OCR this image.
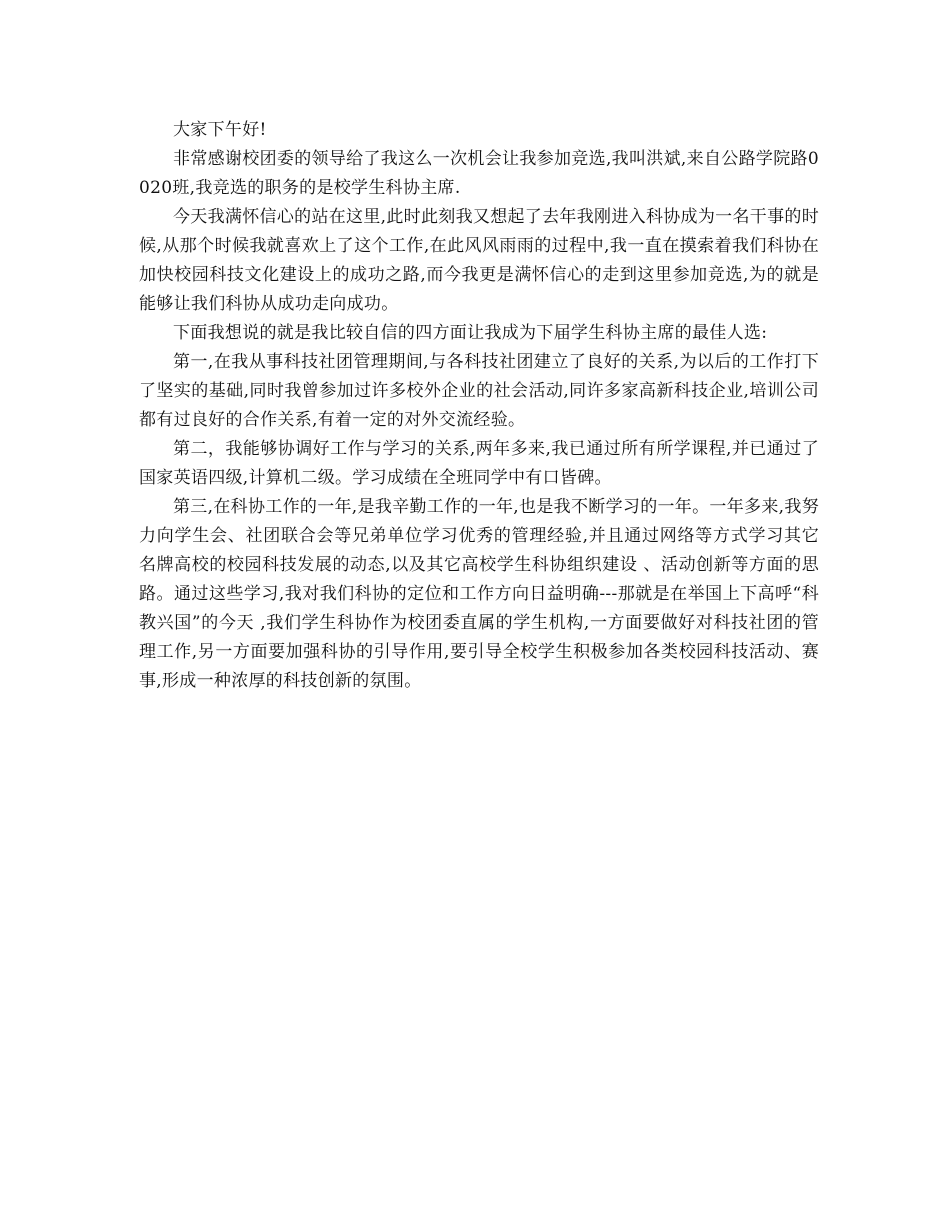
大家下午好!

非常感谢校团委的领导给了我这么一次机会让我参加竞选,我叫洪斌,来自公路学院路0020班,我竞选的职务的是校学生科协主席.

今天我满怀信心的站在这里,此时此刻我又想起了去年我刚进入科协成为一名干事的时候,从那个时候我就喜欢上了这个工作,在此风风雨雨的过程中,我一直在摸索着我们科协在加快校园科技文化建设上的成功之路,而今我更是满怀信心的走到这里参加竞选,为的就是能够让我们科协从成功走向成功。

下面我想说的就是我比较自信的四方面让我成为下届学生科协主席的最佳人选:

第一,在我从事科技社团管理期间,与各科技社团建立了良好的关系,为以后的工作打下了坚实的基础,同时我曾参加过许多校外企业的社会活动,同许多家高新科技企业,培训公司都有过良好的合作关系,有着一定的对外交流经验。

第二，我能够协调好工作与学习的关系,两年多来,我已通过所有所学课程,并已通过了国家英语四级,计算机二级。学习成绩在全班同学中有口皆碑。

第三,在科协工作的一年,是我辛勤工作的一年,也是我不断学习的一年。一年多来,我努力向学生会、社团联合会等兄弟单位学习优秀的管理经验,并且通过网络等方式学习其它名牌高校的校园科技发展的动态,以及其它高校学生科协组织建设 、活动创新等方面的思路。通过这些学习,我对我们科协的定位和工作方向日益明确---那就是在举国上下高呼“科教兴国”的今天 ,我们学生科协作为校团委直属的学生机构,一方面要做好对科技社团的管理工作,另一方面要加强科协的引导作用,要引导全校学生积极参加各类校园科技活动、赛事,形成一种浓厚的科技创新的氛围。
